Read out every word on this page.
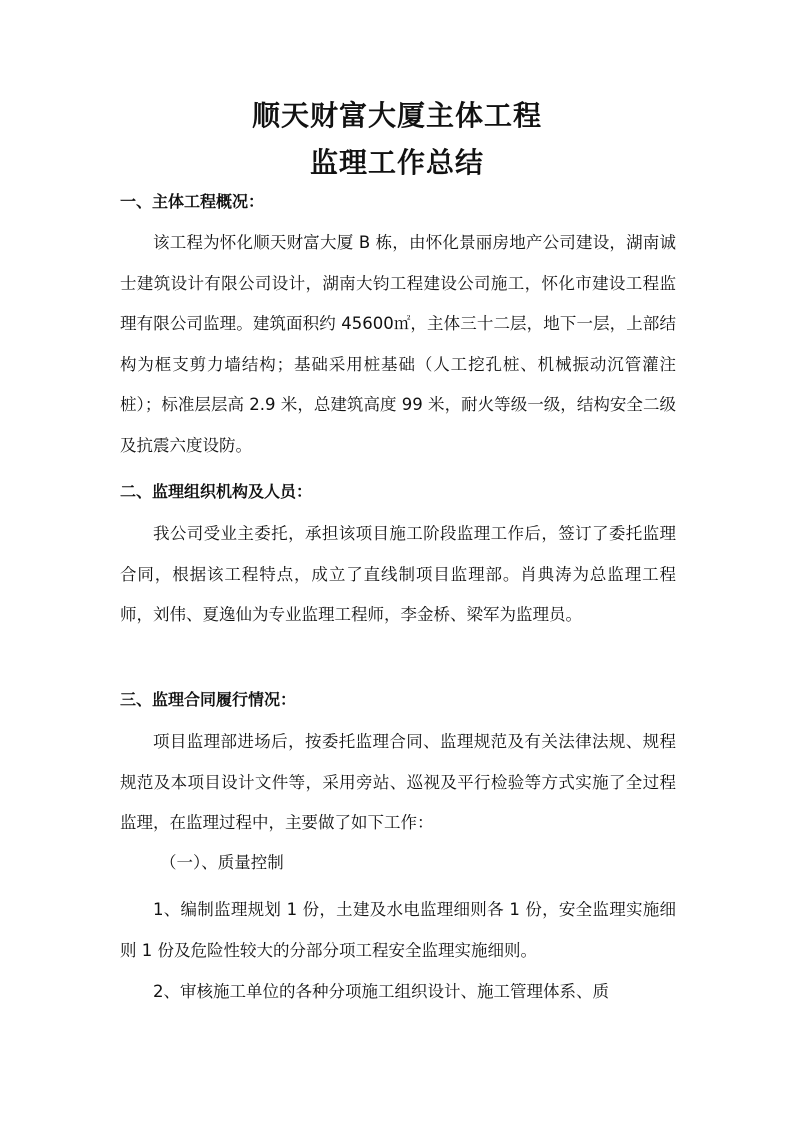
顺天财富大厦主体工程
监理工作总结
一、主体工程概况：

该工程为怀化顺天财富大厦 B 栋，由怀化景丽房地产公司建设，湖南诚士建筑设计有限公司设计，湖南大钧工程建设公司施工，怀化市建设工程监理有限公司监理。建筑面积约 45600㎡，主体三十二层，地下一层，上部结构为框支剪力墙结构；基础采用桩基础（人工挖孔桩、机械振动沉管灌注桩）；标准层层高 2.9 米，总建筑高度 99 米，耐火等级一级，结构安全二级及抗震六度设防。

二、监理组织机构及人员：

我公司受业主委托，承担该项目施工阶段监理工作后，签订了委托监理合同，根据该工程特点，成立了直线制项目监理部。肖典涛为总监理工程师，刘伟、夏逸仙为专业监理工程师，李金桥、梁军为监理员。

三、监理合同履行情况：

项目监理部进场后，按委托监理合同、监理规范及有关法律法规、规程规范及本项目设计文件等，采用旁站、巡视及平行检验等方式实施了全过程监理，在监理过程中，主要做了如下工作：

（一）、质量控制

1、编制监理规划 1 份，土建及水电监理细则各 1 份，安全监理实施细则 1 份及危险性较大的分部分项工程安全监理实施细则。

2、审核施工单位的各种分项施工组织设计、施工管理体系、质
